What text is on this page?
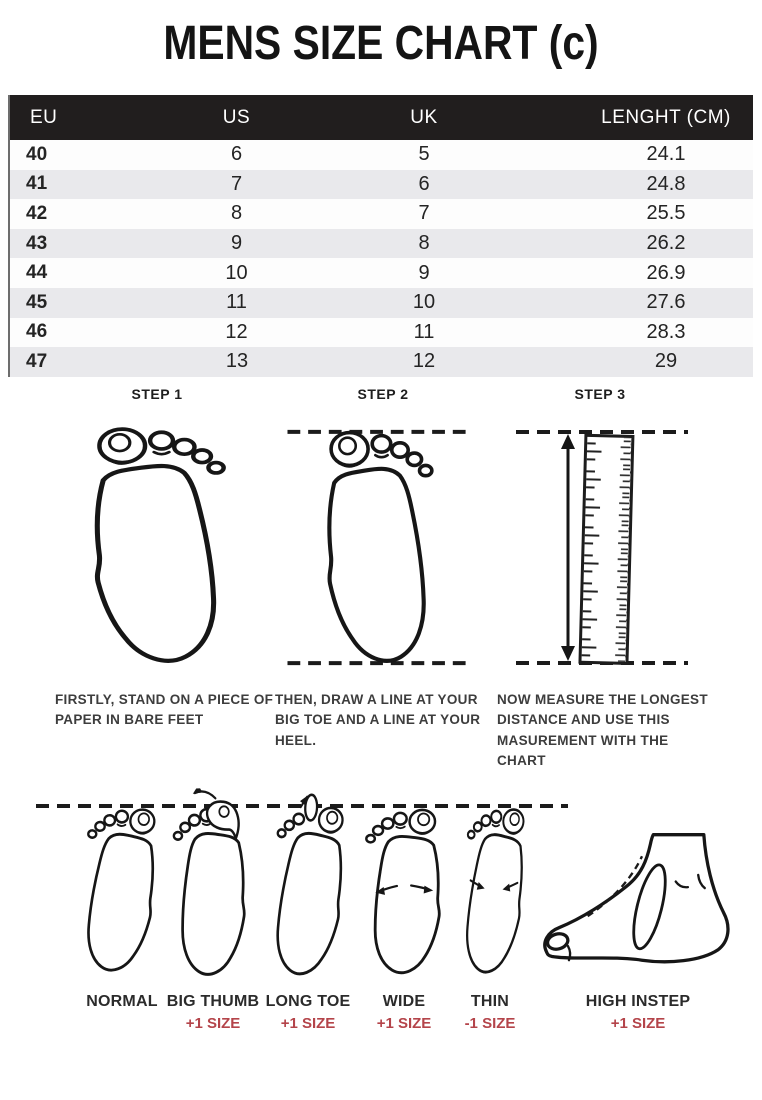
MENS SIZE CHART (c)
EU	US	UK	LENGHT (CM)
40	6	5	24.1
41	7	6	24.8
42	8	7	25.5
43	9	8	26.2
44	10	9	26.9
45	11	10	27.6
46	12	11	28.3
47	13	12	29
STEP 1	STEP 2	STEP 3
FIRSTLY, STAND ON A PIECE OF PAPER IN BARE FEET
THEN, DRAW A LINE AT YOUR BIG TOE AND A LINE AT YOUR HEEL.
NOW MEASURE THE LONGEST DISTANCE AND USE THIS MASUREMENT WITH THE CHART
NORMAL BIG THUMB LONG TOE	WIDE	THIN	HIGH INSTEP
+1 SIZE	+1 SIZE	+1 SIZE	-1 SIZE	+1 SIZE
